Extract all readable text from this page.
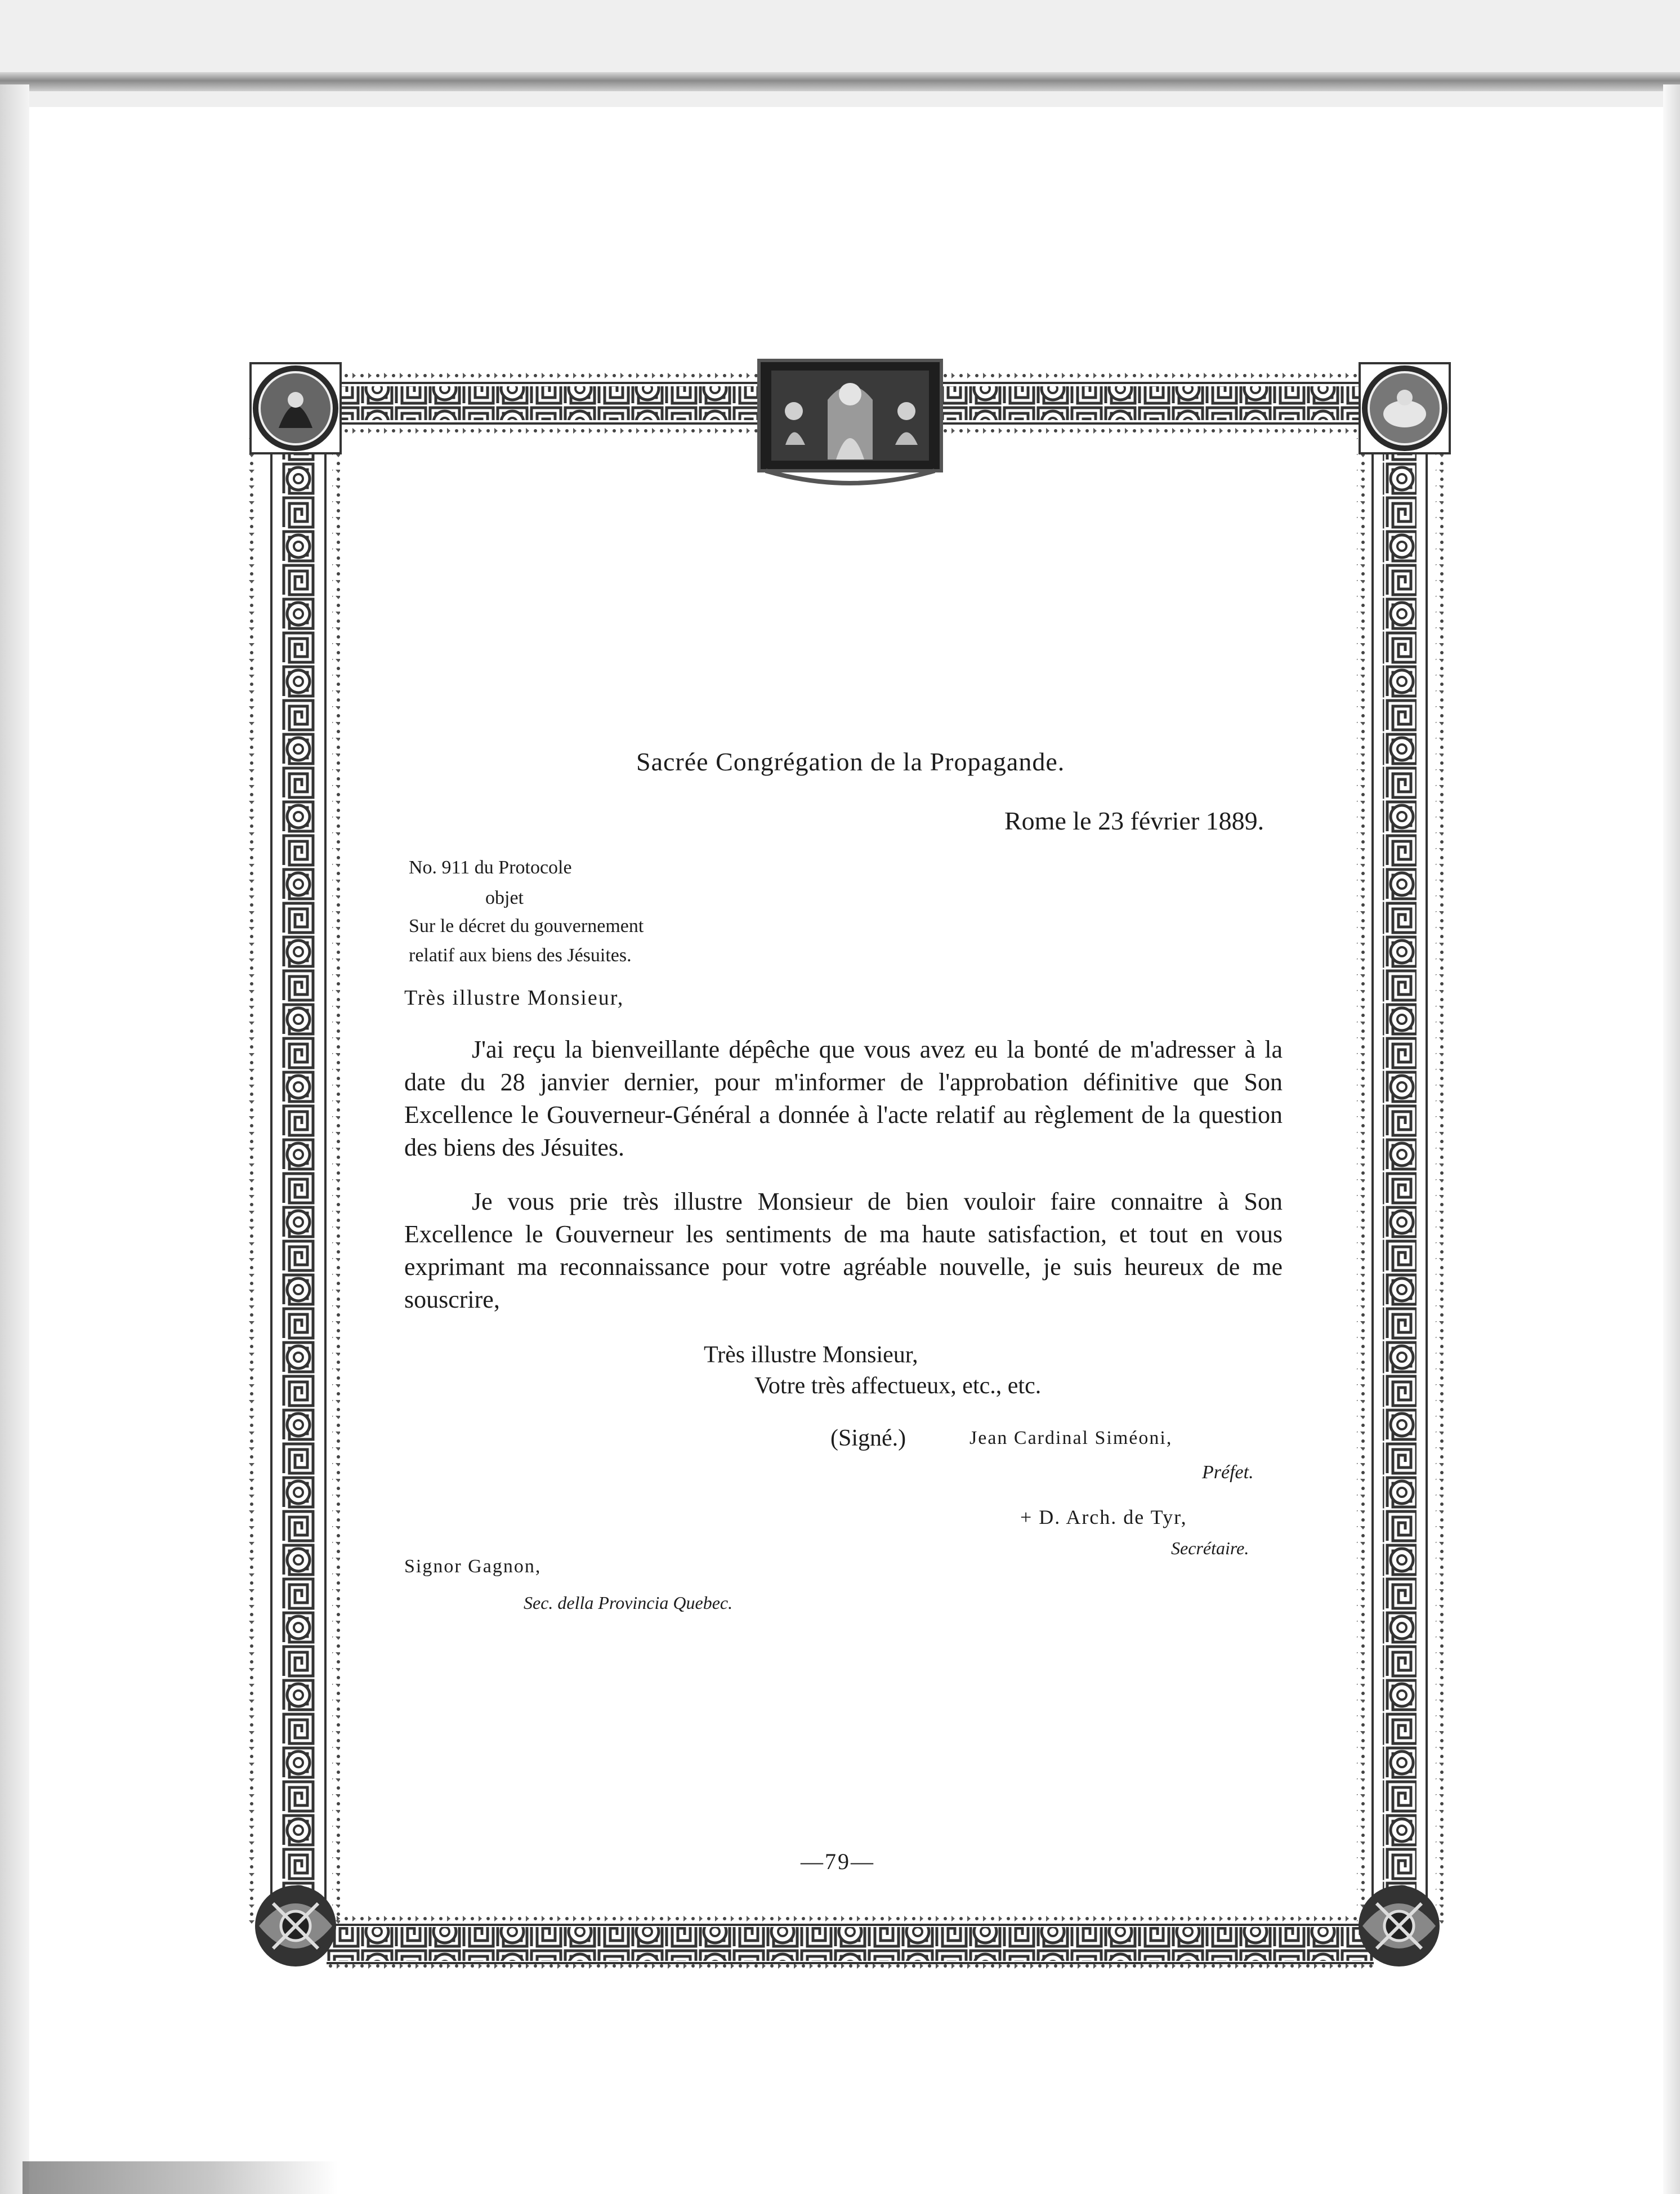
Sacrée Congrégation de la Propagande.
Rome le 23 février 1889.
No. 911 du Protocole
objet
Sur le décret du gouvernement
relatif aux biens des Jésuites.
Très illustre Monsieur,
J'ai reçu la bienveillante dépêche que vous avez eu la bonté de m'adresser à la date du 28 janvier dernier, pour m'informer de l'approbation définitive que Son Excellence le Gouverneur-Général a donnée à l'acte relatif au règlement de la question des biens des Jésuites.
Je vous prie très illustre Monsieur de bien vouloir faire connaitre à Son Excellence le Gouverneur les sentiments de ma haute satisfaction, et tout en vous exprimant ma reconnaissance pour votre agréable nouvelle, je suis heureux de me souscrire,
Très illustre Monsieur,
Votre très affectueux, etc., etc.
(Signé.)	Jean Cardinal Siméoni,
Préfet.
+ D. Arch. de Tyr,
Secrétaire.
Signor Gagnon,
Sec. della Provincia Quebec.
—79—
